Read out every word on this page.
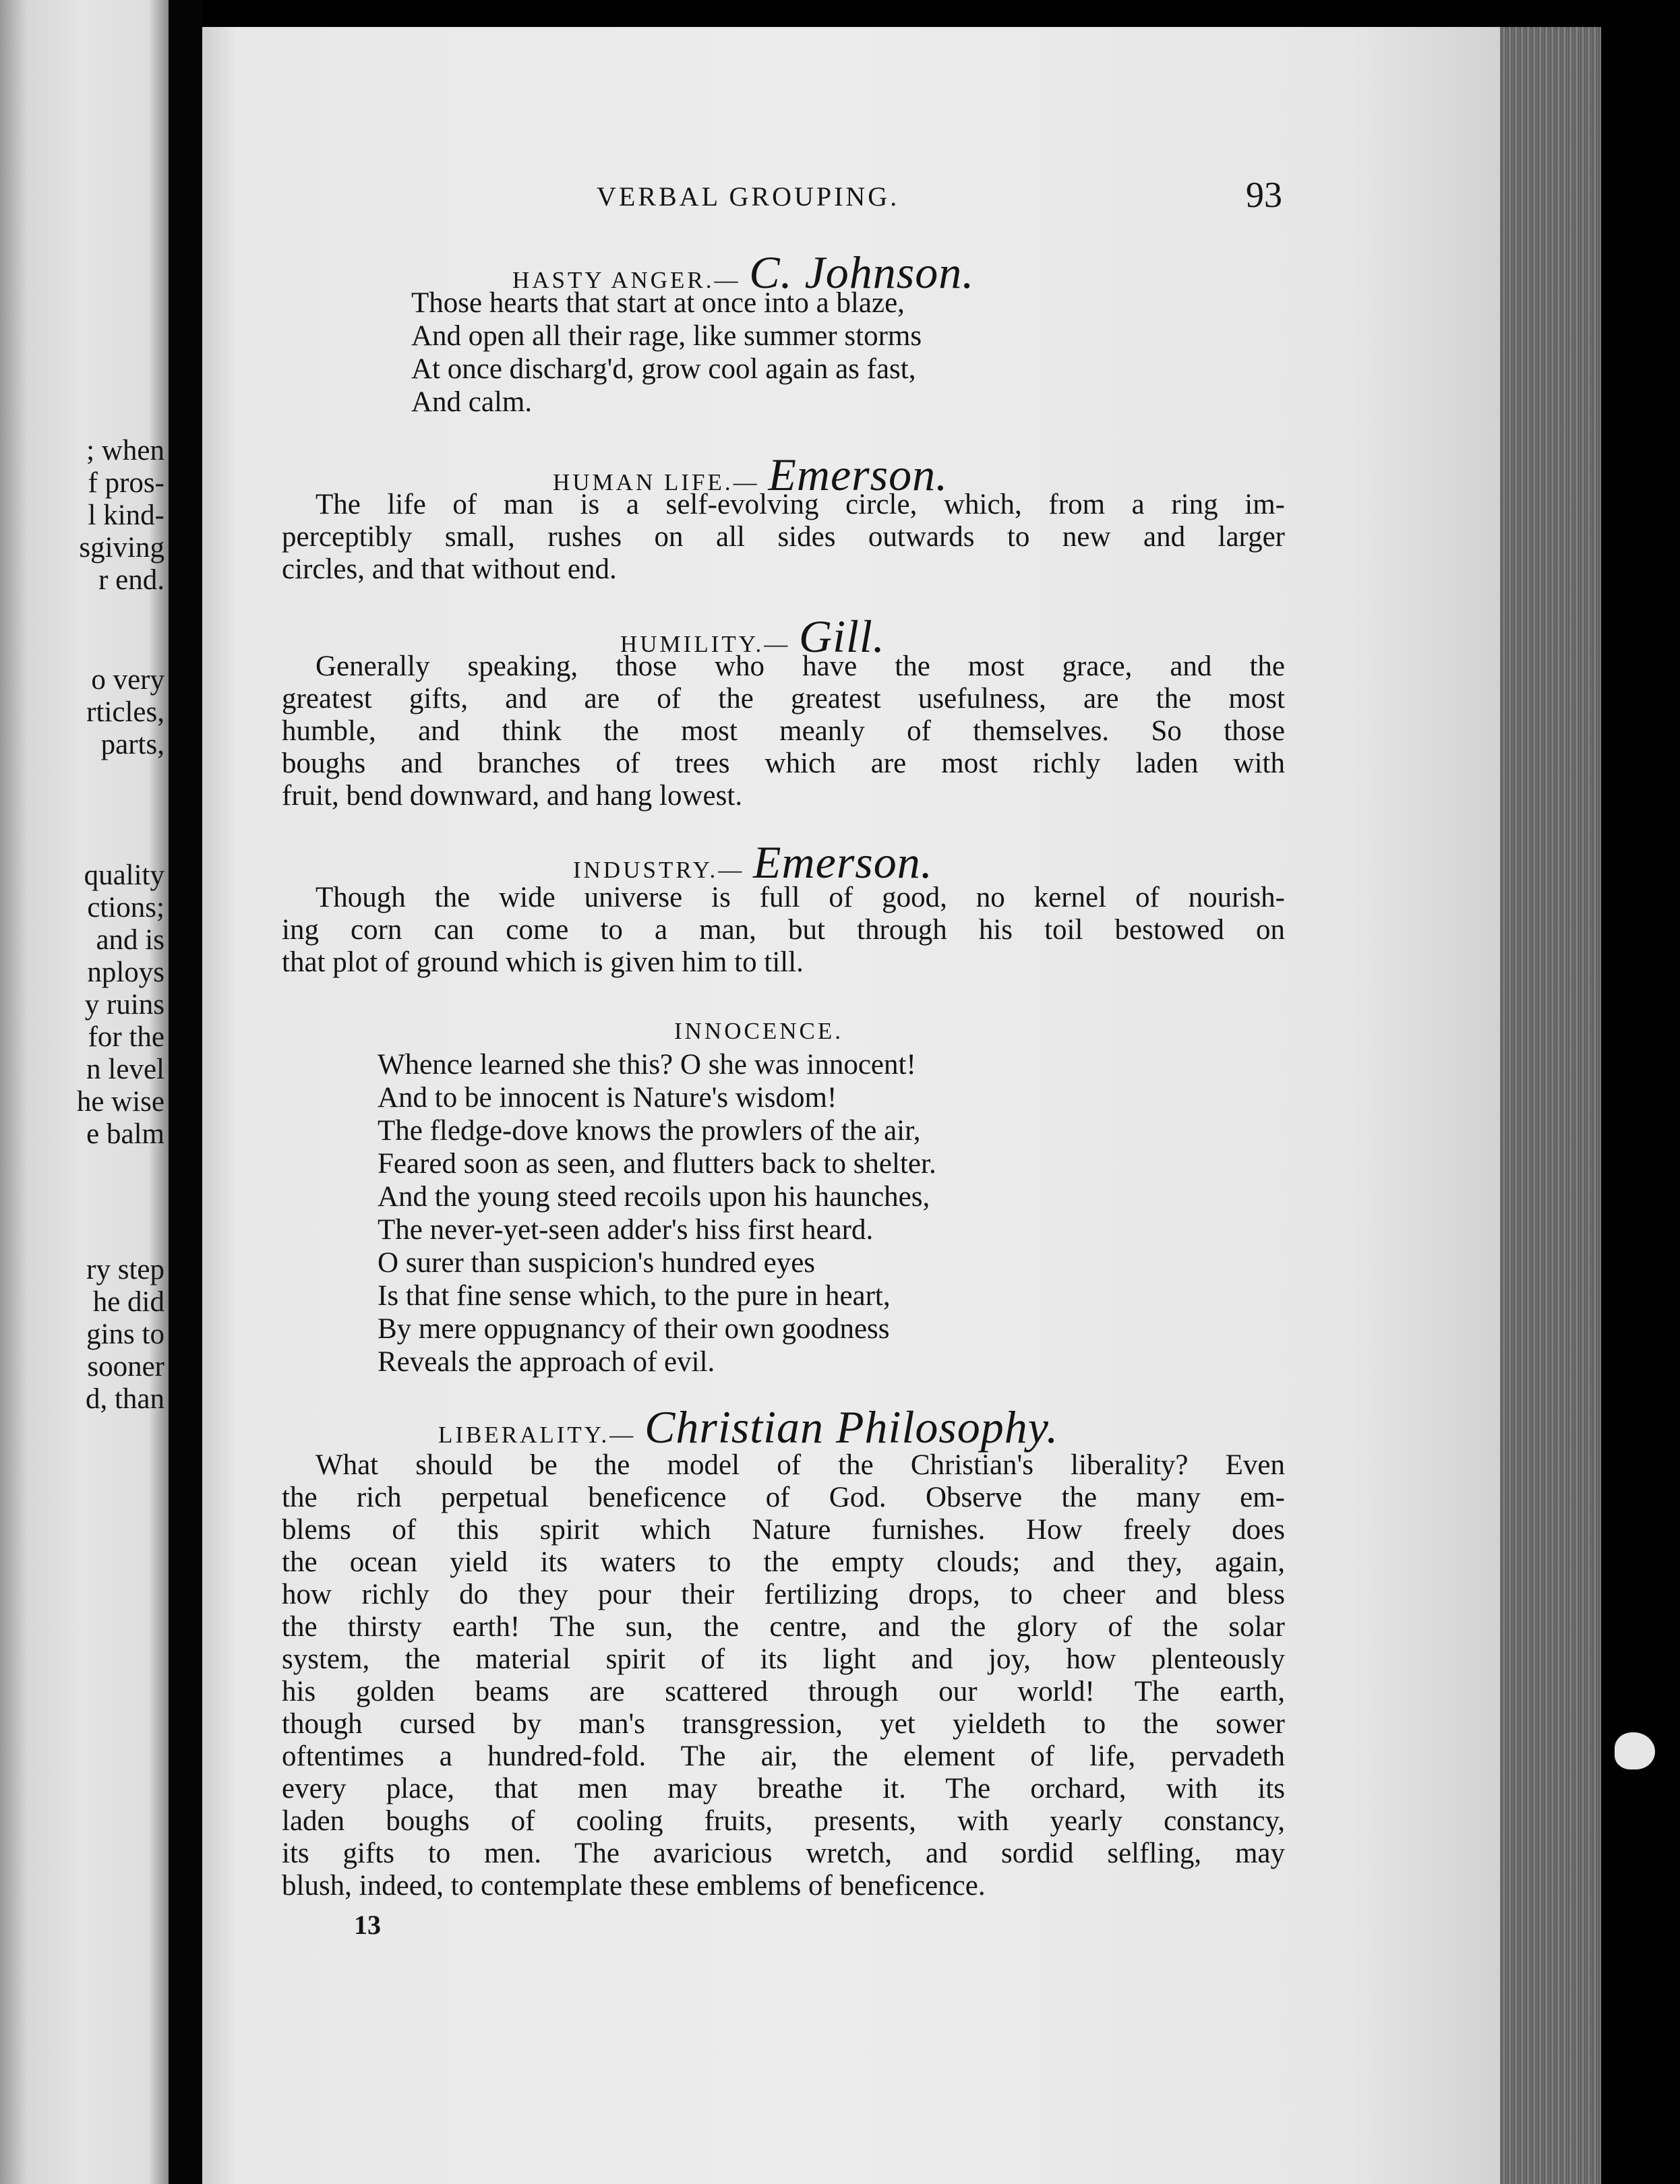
; when
f pros-
l kind-
sgiving
r end.
o very
rticles,
parts,
quality
ctions;
and is
nploys
y ruins
for the
n level
he wise
e balm
ry step
he did
gins to
sooner
d, than
VERBAL GROUPING.	93
HASTY ANGER.— C. Johnson.
Those hearts that start at once into a blaze,
And open all their rage, like summer storms
At once discharg'd, grow cool again as fast,
And calm.
HUMAN LIFE.— Emerson.
The life of man is a self-evolving circle, which, from a ring im-
perceptibly small, rushes on all sides outwards to new and larger
circles, and that without end.
HUMILITY.— Gill.
Generally speaking, those who have the most grace, and the
greatest gifts, and are of the greatest usefulness, are the most
humble, and think the most meanly of themselves. So those
boughs and branches of trees which are most richly laden with
fruit, bend downward, and hang lowest.
INDUSTRY.— Emerson.
Though the wide universe is full of good, no kernel of nourish-
ing corn can come to a man, but through his toil bestowed on
that plot of ground which is given him to till.
INNOCENCE.
Whence learned she this? O she was innocent!
And to be innocent is Nature's wisdom!
The fledge-dove knows the prowlers of the air,
Feared soon as seen, and flutters back to shelter.
And the young steed recoils upon his haunches,
The never-yet-seen adder's hiss first heard.
O surer than suspicion's hundred eyes
Is that fine sense which, to the pure in heart,
By mere oppugnancy of their own goodness
Reveals the approach of evil.
LIBERALITY.— Christian Philosophy.
What should be the model of the Christian's liberality? Even
the rich perpetual beneficence of God. Observe the many em-
blems of this spirit which Nature furnishes. How freely does
the ocean yield its waters to the empty clouds; and they, again,
how richly do they pour their fertilizing drops, to cheer and bless
the thirsty earth! The sun, the centre, and the glory of the solar
system, the material spirit of its light and joy, how plenteously
his golden beams are scattered through our world! The earth,
though cursed by man's transgression, yet yieldeth to the sower
oftentimes a hundred-fold. The air, the element of life, pervadeth
every place, that men may breathe it. The orchard, with its
laden boughs of cooling fruits, presents, with yearly constancy,
its gifts to men. The avaricious wretch, and sordid selfling, may
blush, indeed, to contemplate these emblems of beneficence.
13
